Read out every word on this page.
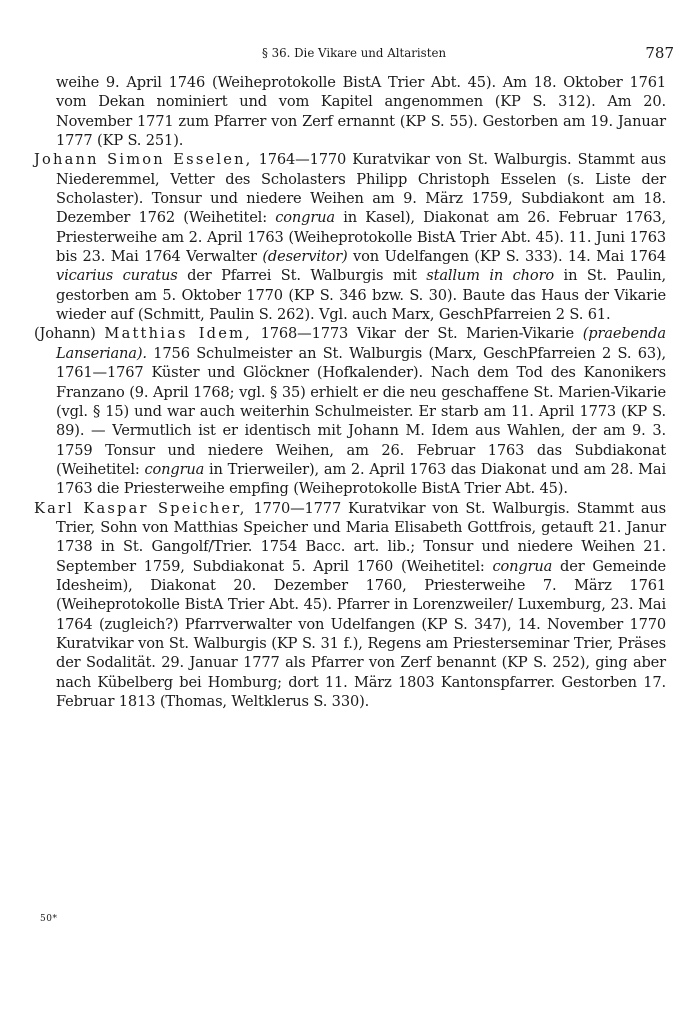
§ 36. Die Vikare und Altaristen	787

weihe 9. April 1746 (Weiheprotokolle BistA Trier Abt. 45). Am 18. Oktober 1761 vom Dekan nominiert und vom Kapitel angenommen (KP S. 312). Am 20. November 1771 zum Pfarrer von Zerf ernannt (KP S. 55). Gestorben am 19. Januar 1777 (KP S. 251).

Johann Simon Esselen, 1764—1770 Kuratvikar von St. Walburgis. Stammt aus Niederemmel, Vetter des Scholasters Philipp Christoph Esselen (s. Liste der Scholaster). Tonsur und niedere Weihen am 9. März 1759, Subdiakont am 18. Dezember 1762 (Weihetitel: congrua in Kasel), Diakonat am 26. Februar 1763, Priesterweihe am 2. April 1763 (Weiheprotokolle BistA Trier Abt. 45). 11. Juni 1763 bis 23. Mai 1764 Verwalter (deservitor) von Udelfangen (KP S. 333). 14. Mai 1764 vicarius curatus der Pfarrei St. Walburgis mit stallum in choro in St. Paulin, gestorben am 5. Oktober 1770 (KP S. 346 bzw. S. 30). Baute das Haus der Vikarie wieder auf (Schmitt, Paulin S. 262). Vgl. auch Marx, GeschPfarreien 2 S. 61.

(Johann) Matthias Idem, 1768—1773 Vikar der St. Marien-Vikarie (praebenda Lanseriana). 1756 Schulmeister an St. Walburgis (Marx, GeschPfarreien 2 S. 63), 1761—1767 Küster und Glöckner (Hofkalender). Nach dem Tod des Kanonikers Franzano (9. April 1768; vgl. § 35) erhielt er die neu geschaffene St. Marien-Vikarie (vgl. § 15) und war auch weiterhin Schulmeister. Er starb am 11. April 1773 (KP S. 89). — Vermutlich ist er identisch mit Johann M. Idem aus Wahlen, der am 9. 3. 1759 Tonsur und niedere Weihen, am 26. Februar 1763 das Subdiakonat (Weihetitel: congrua in Trierweiler), am 2. April 1763 das Diakonat und am 28. Mai 1763 die Priesterweihe empfing (Weiheprotokolle BistA Trier Abt. 45).

Karl Kaspar Speicher, 1770—1777 Kuratvikar von St. Walburgis. Stammt aus Trier, Sohn von Matthias Speicher und Maria Elisabeth Gottfrois, getauft 21. Janur 1738 in St. Gangolf/Trier. 1754 Bacc. art. lib.; Tonsur und niedere Weihen 21. September 1759, Subdiakonat 5. April 1760 (Weihetitel: congrua der Gemeinde Idesheim), Diakonat 20. Dezember 1760, Priesterweihe 7. März 1761 (Weiheprotokolle BistA Trier Abt. 45). Pfarrer in Lorenzweiler/ Luxemburg, 23. Mai 1764 (zugleich?) Pfarrverwalter von Udelfangen (KP S. 347), 14. November 1770 Kuratvikar von St. Walburgis (KP S. 31 f.), Regens am Priesterseminar Trier, Präses der Sodalität. 29. Januar 1777 als Pfarrer von Zerf benannt (KP S. 252), ging aber nach Kübelberg bei Homburg; dort 11. März 1803 Kantonspfarrer. Gestorben 17. Februar 1813 (Thomas, Weltklerus S. 330).

50*
